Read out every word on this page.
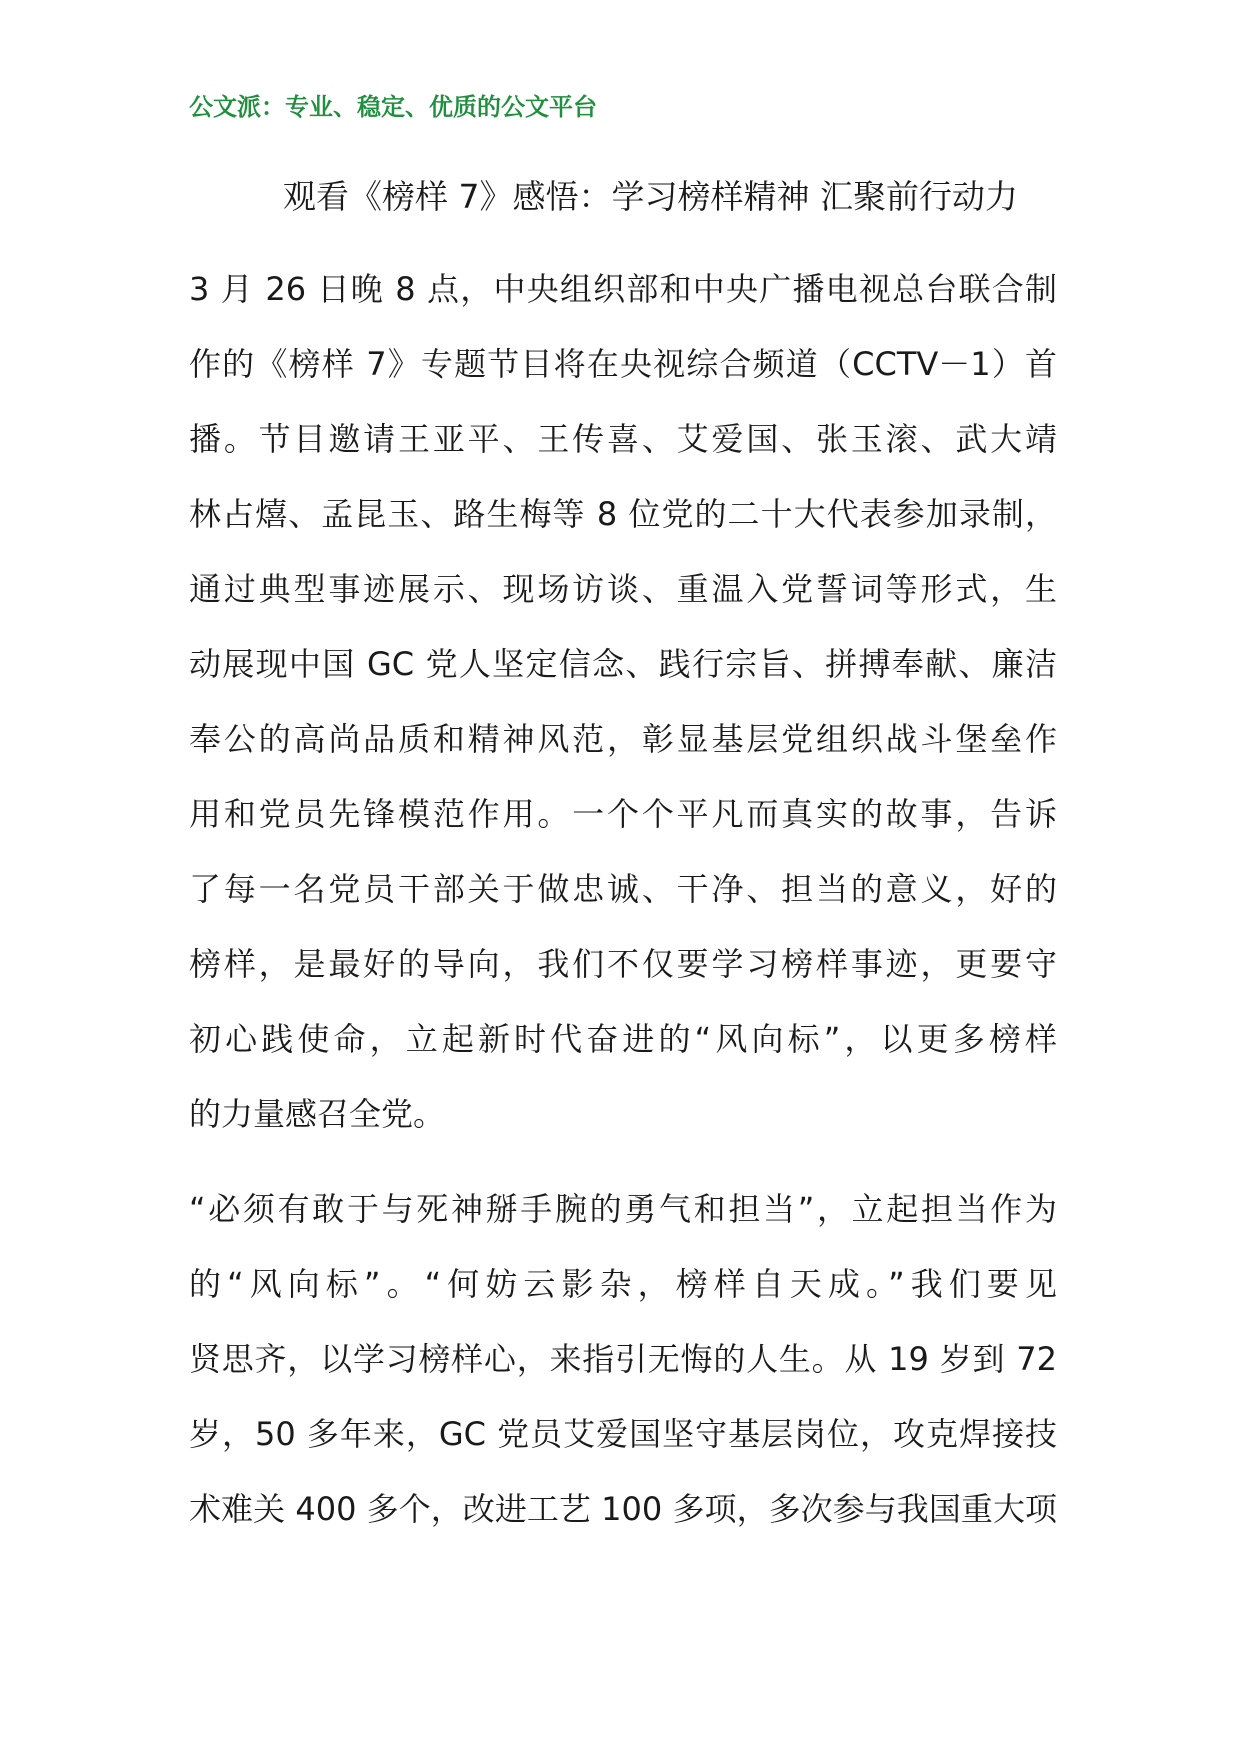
公文派：专业、稳定、优质的公文平台
观看《榜样 7》感悟：学习榜样精神 汇聚前行动力
3 月 26 日晚 8 点，中央组织部和中央广播电视总台联合制
作的《榜样 7》专题节目将在央视综合频道（CCTV－1）首
播。节目邀请王亚平、王传喜、艾爱国、张玉滚、武大靖
林占熺、孟昆玉、路生梅等 8 位党的二十大代表参加录制，
通过典型事迹展示、现场访谈、重温入党誓词等形式，生
动展现中国 GC 党人坚定信念、践行宗旨、拼搏奉献、廉洁
奉公的高尚品质和精神风范，彰显基层党组织战斗堡垒作
用和党员先锋模范作用。一个个平凡而真实的故事，告诉
了每一名党员干部关于做忠诚、干净、担当的意义，好的
榜样，是最好的导向，我们不仅要学习榜样事迹，更要守
初心践使命，立起新时代奋进的“风向标”，以更多榜样
的力量感召全党。
“必须有敢于与死神掰手腕的勇气和担当”，立起担当作为
的“风向标”。“何妨云影杂，榜样自天成。”我们要见
贤思齐，以学习榜样心，来指引无悔的人生。从 19 岁到 72
岁，50 多年来，GC 党员艾爱国坚守基层岗位，攻克焊接技
术难关 400 多个，改进工艺 100 多项，多次参与我国重大项
